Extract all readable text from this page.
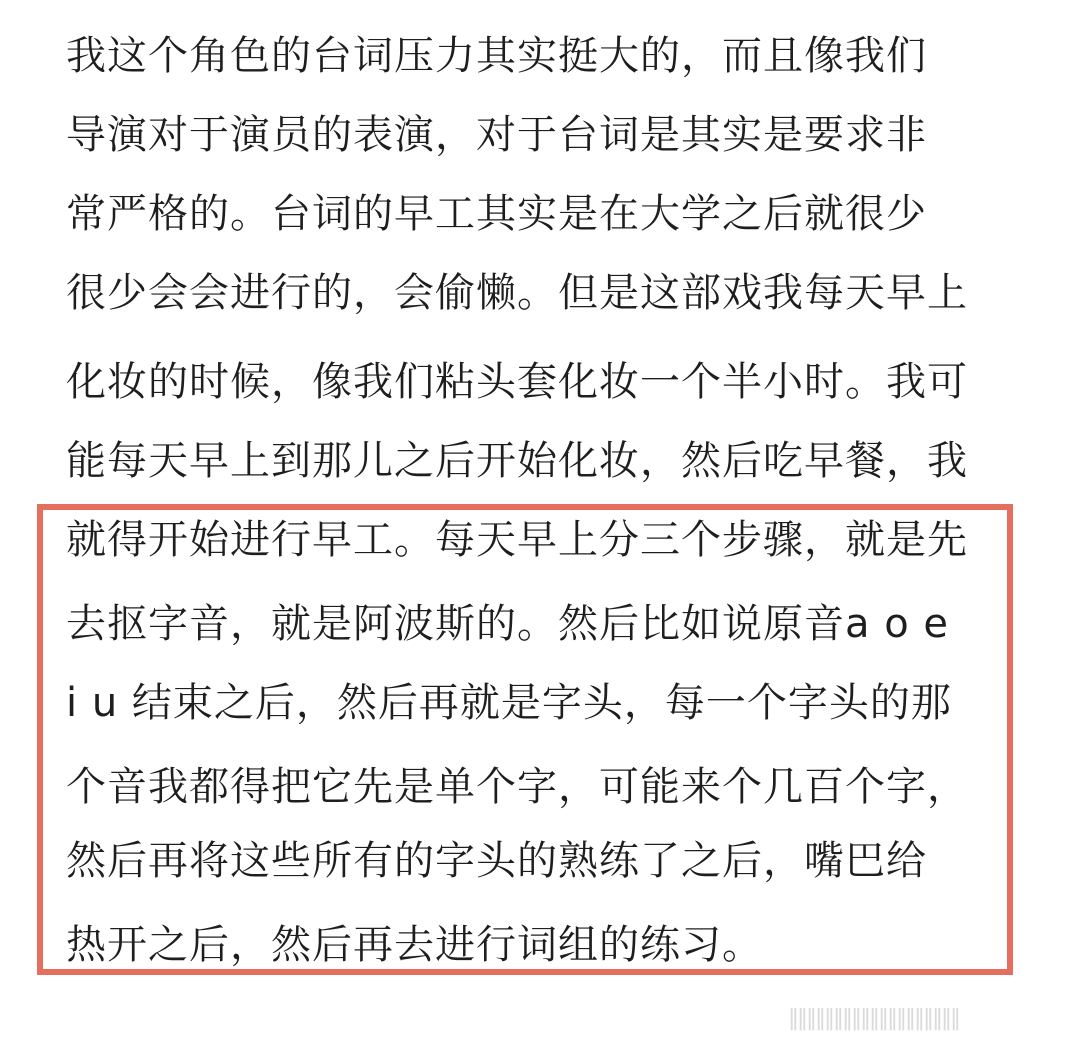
我这个角色的台词压力其实挺大的，而且像我们
导演对于演员的表演，对于台词是其实是要求非
常严格的。台词的早工其实是在大学之后就很少
很少会会进行的，会偷懒。但是这部戏我每天早上
化妆的时候，像我们粘头套化妆一个半小时。我可
能每天早上到那儿之后开始化妆，然后吃早餐，我
就得开始进行早工。每天早上分三个步骤，就是先
去抠字音，就是阿波斯的。然后比如说原音a o e
i u 结束之后，然后再就是字头，每一个字头的那
个音我都得把它先是单个字，可能来个几百个字，
然后再将这些所有的字头的熟练了之后，嘴巴给
热开之后，然后再去进行词组的练习。
‖‖‖‖‖‖‖‖‖‖‖‖‖‖‖‖‖‖‖
